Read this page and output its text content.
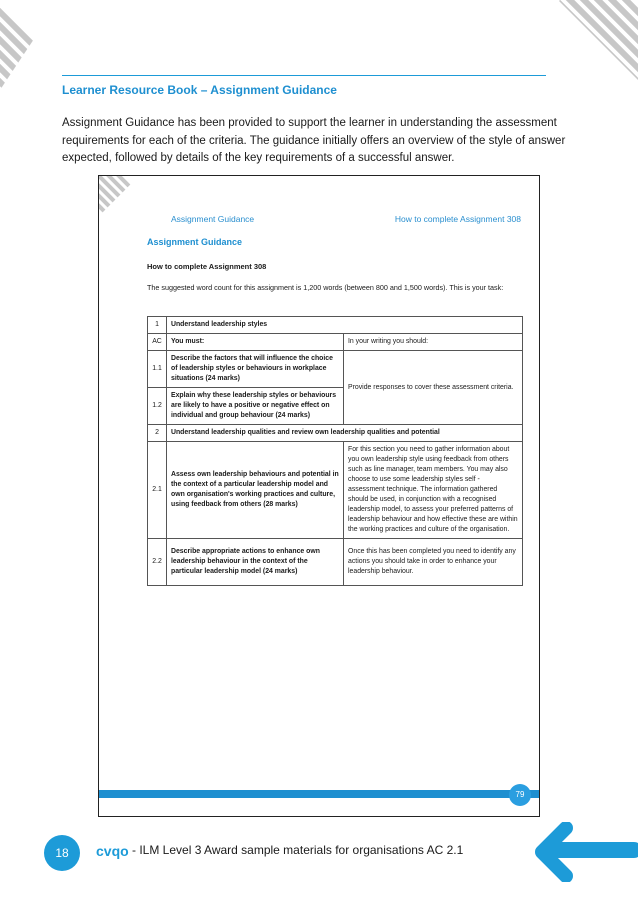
Learner Resource Book – Assignment Guidance
Assignment Guidance has been provided to support the learner in understanding the assessment requirements for each of the criteria. The guidance initially offers an overview of the style of answer expected, followed by details of the key requirements of a successful answer.
Assignment Guidance	How to complete Assignment 308
Assignment Guidance
How to complete Assignment 308
The suggested word count for this assignment is 1,200 words (between 800 and 1,500 words). This is your task:
1	Understand leadership styles	
AC	You must:	In your writing you should:
1.1	Describe the factors that will influence the choice of leadership styles or behaviours in workplace situations (24 marks)	Provide responses to cover these assessment criteria.
1.2	Explain why these leadership styles or behaviours are likely to have a positive or negative effect on individual and group behaviour (24 marks)	
2	Understand leadership qualities and review own leadership qualities and potential	
2.1	Assess own leadership behaviours and potential in the context of a particular leadership model and own organisation's working practices and culture, using feedback from others (28 marks)	For this section you need to gather information about you own leadership style using feedback from others such as line manager, team members. You may also choose to use some leadership styles self - assessment technique. The information gathered should be used, in conjunction with a recognised leadership model, to assess your preferred patterns of leadership behaviour and how effective these are within the working practices and culture of the organisation.
2.2	Describe appropriate actions to enhance own leadership behaviour in the context of the particular leadership model (24 marks)	Once this has been completed you need to identify any actions you should take in order to enhance your leadership behaviour.
79
18	cvqo - ILM Level 3 Award sample materials for organisations AC 2.1
